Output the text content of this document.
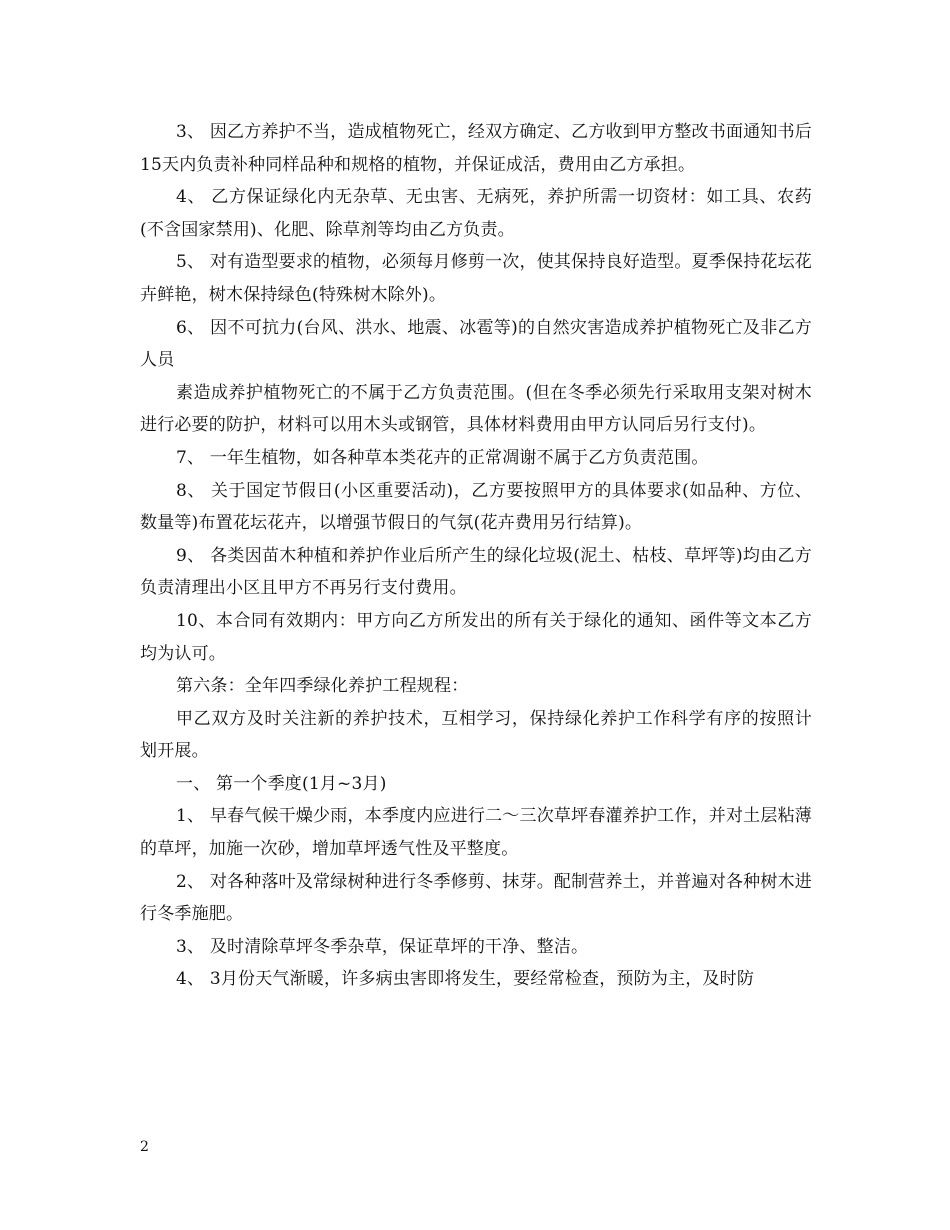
3、 因乙方养护不当，造成植物死亡，经双方确定、乙方收到甲方整改书面通知书后15天内负责补种同样品种和规格的植物，并保证成活，费用由乙方承担。

4、 乙方保证绿化内无杂草、无虫害、无病死，养护所需一切资材：如工具、农药(不含国家禁用)、化肥、除草剂等均由乙方负责。

5、 对有造型要求的植物，必须每月修剪一次，使其保持良好造型。夏季保持花坛花卉鲜艳，树木保持绿色(特殊树木除外)。

6、 因不可抗力(台风、洪水、地震、冰雹等)的自然灾害造成养护植物死亡及非乙方人员

素造成养护植物死亡的不属于乙方负责范围。(但在冬季必须先行采取用支架对树木进行必要的防护，材料可以用木头或钢管，具体材料费用由甲方认同后另行支付)。

7、 一年生植物，如各种草本类花卉的正常凋谢不属于乙方负责范围。

8、 关于国定节假日(小区重要活动)，乙方要按照甲方的具体要求(如品种、方位、数量等)布置花坛花卉，以增强节假日的气氛(花卉费用另行结算)。

9、 各类因苗木种植和养护作业后所产生的绿化垃圾(泥土、枯枝、草坪等)均由乙方负责清理出小区且甲方不再另行支付费用。

10、本合同有效期内：甲方向乙方所发出的所有关于绿化的通知、函件等文本乙方均为认可。

第六条：全年四季绿化养护工程规程：

甲乙双方及时关注新的养护技术，互相学习，保持绿化养护工作科学有序的按照计划开展。

一、 第一个季度(1月~3月)

1、 早春气候干燥少雨，本季度内应进行二～三次草坪春灌养护工作，并对土层粘薄的草坪，加施一次砂，增加草坪透气性及平整度。

2、 对各种落叶及常绿树种进行冬季修剪、抹芽。配制营养土，并普遍对各种树木进行冬季施肥。

3、 及时清除草坪冬季杂草，保证草坪的干净、整洁。

4、 3月份天气渐暖，许多病虫害即将发生，要经常检查，预防为主，及时防

2
